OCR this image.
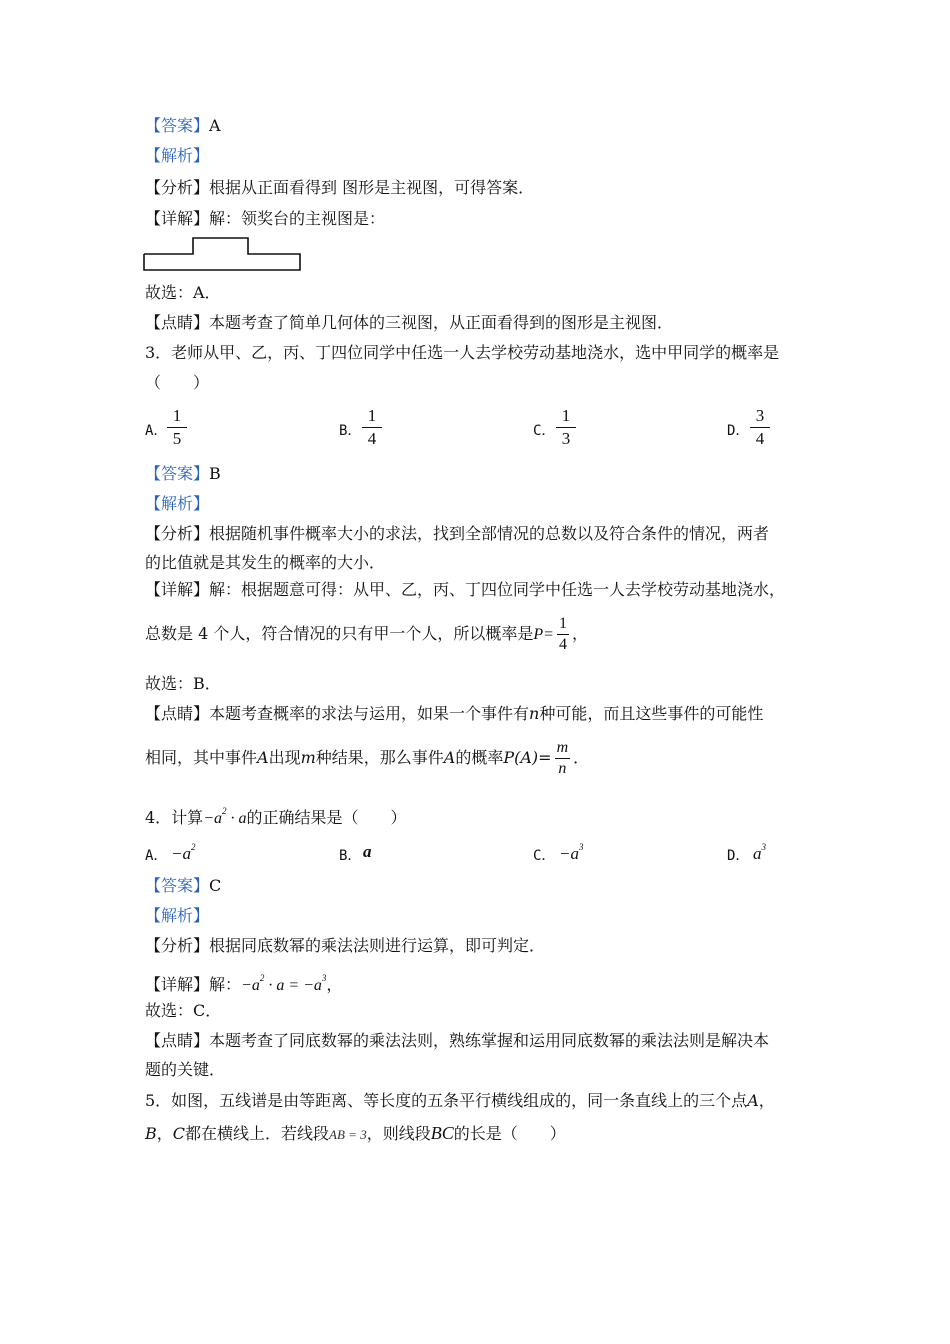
【答案】A
【解析】
【分析】根据从正面看得到 图形是主视图，可得答案．
【详解】解：领奖台的主视图是：
故选：A．
【点睛】本题考查了简单几何体的三视图，从正面看得到的图形是主视图．
3．老师从甲、乙，丙、丁四位同学中任选一人去学校劳动基地浇水，选中甲同学的概率是
（　　）
A． $\frac{1}{5}$	B． $\frac{1}{4}$	C． $\frac{1}{3}$	D． $\frac{3}{4}$
【答案】B
【解析】
【分析】根据随机事件概率大小的求法，找到全部情况的总数以及符合条件的情况，两者
的比值就是其发生的概率的大小．
【详解】解：根据题意可得：从甲、乙，丙、丁四位同学中任选一人去学校劳动基地浇水，
总数是 4 个人，符合情况的只有甲一个人，所以概率是$P= \frac{1}{4}$ ，
故选：B．
【点睛】本题考查概率的求法与运用，如果一个事件有n种可能，而且这些事件的可能性
相同，其中事件A出现m种结果，那么事件A的概率$P(A)= \frac{m}{n}$ ．
4．计算$-a^2 \cdot a$的正确结果是（　　）
A． $-a^2$
B． a	C． $-a^3$
D． $a^3$
【答案】C
【解析】
【分析】根据同底数幂的乘法法则进行运算，即可判定．
【详解】解：$-a^2 \cdot a = -a^3$，
故选：C．
【点睛】本题考查了同底数幂的乘法法则，熟练掌握和运用同底数幂的乘法法则是解决本
题的关键．
5．如图，五线谱是由等距离、等长度的五条平行横线组成的，同一条直线上的三个点A，
B，C都在横线上．若线段AB = 3，则线段BC的长是（　　）
